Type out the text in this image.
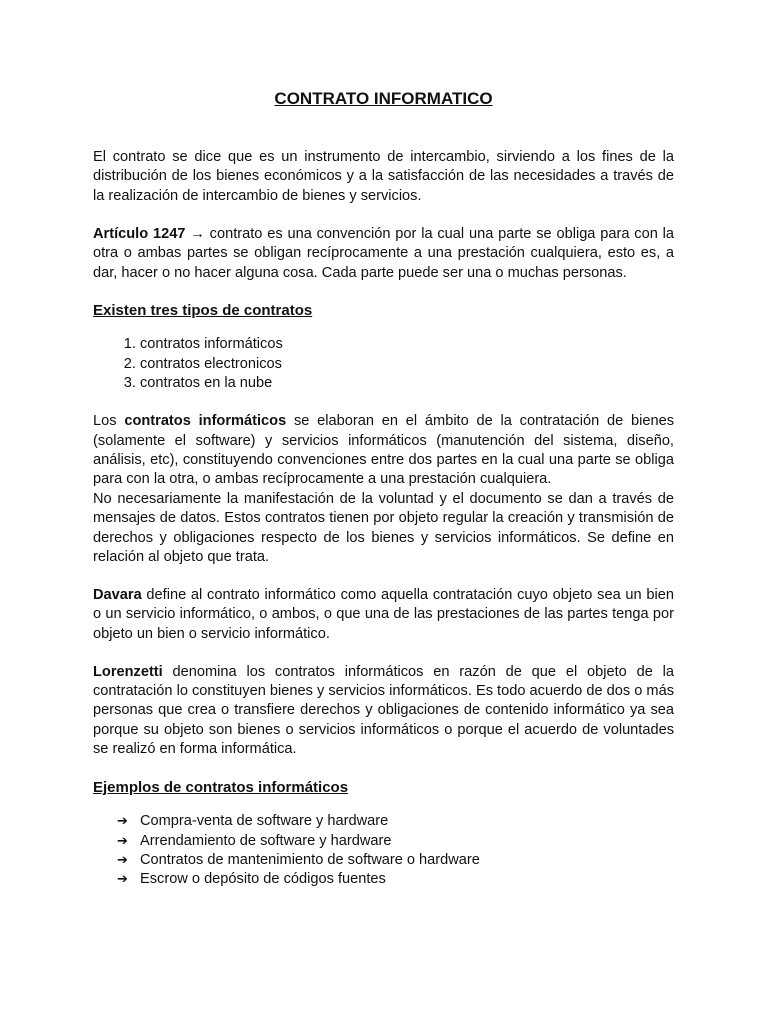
CONTRATO INFORMATICO

El contrato se dice que es un instrumento de intercambio, sirviendo a los fines de la distribución de los bienes económicos y a la satisfacción de las necesidades a través de la realización de intercambio de bienes y servicios.

Artículo 1247 → contrato es una convención por la cual una parte se obliga para con la otra o ambas partes se obligan recíprocamente a una prestación cualquiera, esto es, a dar, hacer o no hacer alguna cosa. Cada parte puede ser una o muchas personas.

Existen tres tipos de contratos
1. contratos informáticos
2. contratos electronicos
3. contratos en la nube

Los contratos informáticos se elaboran en el ámbito de la contratación de bienes (solamente el software) y servicios informáticos (manutención del sistema, diseño, análisis, etc), constituyendo convenciones entre dos partes en la cual una parte se obliga para con la otra, o ambas recíprocamente a una prestación cualquiera.

No necesariamente la manifestación de la voluntad y el documento se dan a través de mensajes de datos. Estos contratos tienen por objeto regular la creación y transmisión de derechos y obligaciones respecto de los bienes y servicios informáticos. Se define en relación al objeto que trata.

Davara define al contrato informático como aquella contratación cuyo objeto sea un bien o un servicio informático, o ambos, o que una de las prestaciones de las partes tenga por objeto un bien o servicio informático.

Lorenzetti denomina los contratos informáticos en razón de que el objeto de la contratación lo constituyen bienes y servicios informáticos. Es todo acuerdo de dos o más personas que crea o transfiere derechos y obligaciones de contenido informático ya sea porque su objeto son bienes o servicios informáticos o porque el acuerdo de voluntades se realizó en forma informática.

Ejemplos de contratos informáticos
➔ Compra-venta de software y hardware
➔ Arrendamiento de software y hardware
➔ Contratos de mantenimiento de software o hardware
➔ Escrow o depósito de códigos fuentes
